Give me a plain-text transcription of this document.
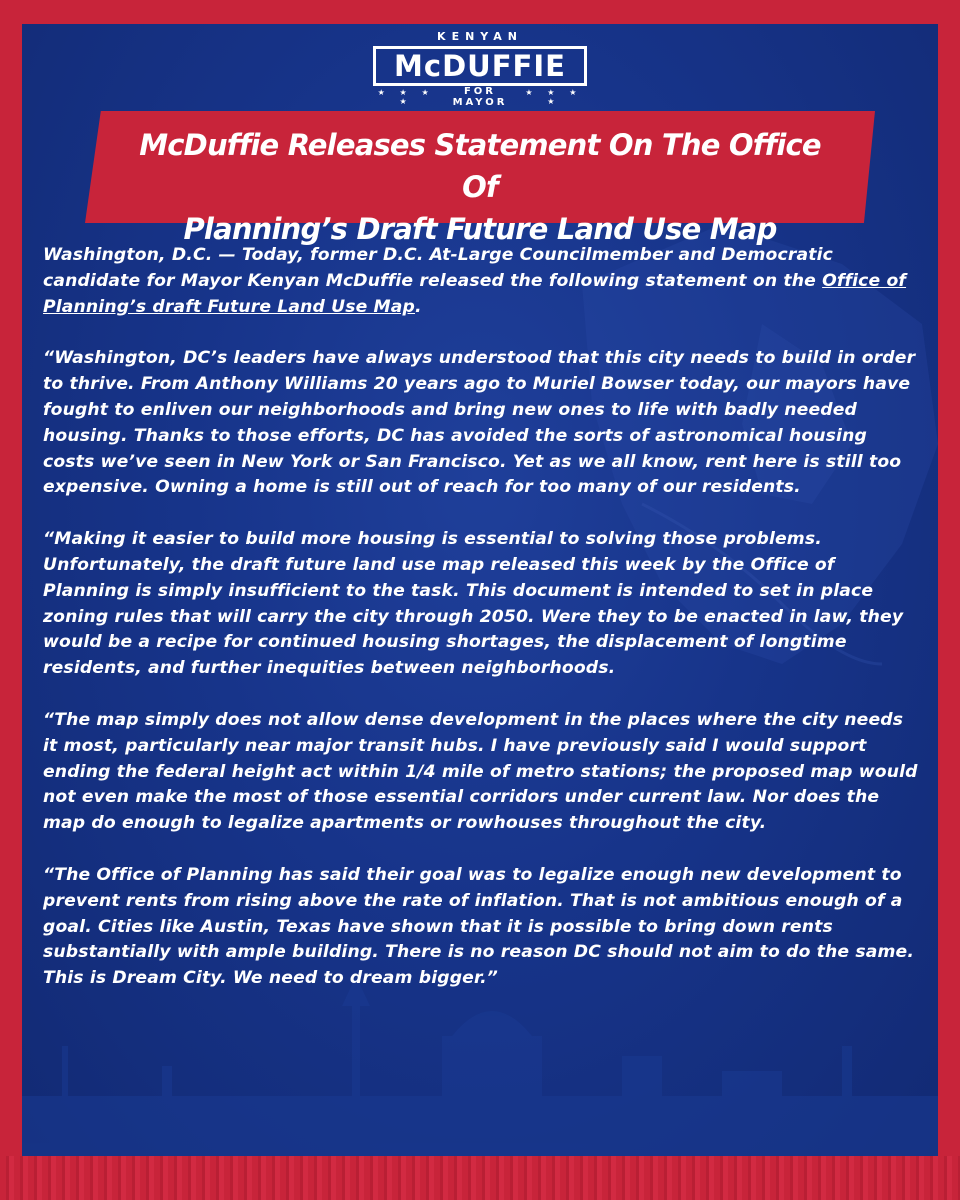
KENYAN
McDUFFIE
★ ★ ★ ★
FOR MAYOR
★ ★ ★ ★
McDuffie Releases Statement On The Office Of
Planning’s Draft Future Land Use Map

Washington, D.C. — Today, former D.C. At-Large Councilmember and Democratic candidate for Mayor Kenyan McDuffie released the following statement on the Office of Planning’s draft Future Land Use Map.

“Washington, DC’s leaders have always understood that this city needs to build in order to thrive. From Anthony Williams 20 years ago to Muriel Bowser today, our mayors have fought to enliven our neighborhoods and bring new ones to life with badly needed housing. Thanks to those efforts, DC has avoided the sorts of astronomical housing costs we’ve seen in New York or San Francisco. Yet as we all know, rent here is still too expensive. Owning a home is still out of reach for too many of our residents.

“Making it easier to build more housing is essential to solving those problems. Unfortunately, the draft future land use map released this week by the Office of Planning is simply insufficient to the task. This document is intended to set in place zoning rules that will carry the city through 2050. Were they to be enacted in law, they would be a recipe for continued housing shortages, the displacement of longtime residents, and further inequities between neighborhoods.

“The map simply does not allow dense development in the places where the city needs it most, particularly near major transit hubs. I have previously said I would support ending the federal height act within 1/4 mile of metro stations; the proposed map would not even make the most of those essential corridors under current law. Nor does the map do enough to legalize apartments or rowhouses throughout the city.

“The Office of Planning has said their goal was to legalize enough new development to prevent rents from rising above the rate of inflation. That is not ambitious enough of a goal. Cities like Austin, Texas have shown that it is possible to bring down rents substantially with ample building. There is no reason DC should not aim to do the same. This is Dream City. We need to dream bigger.”
